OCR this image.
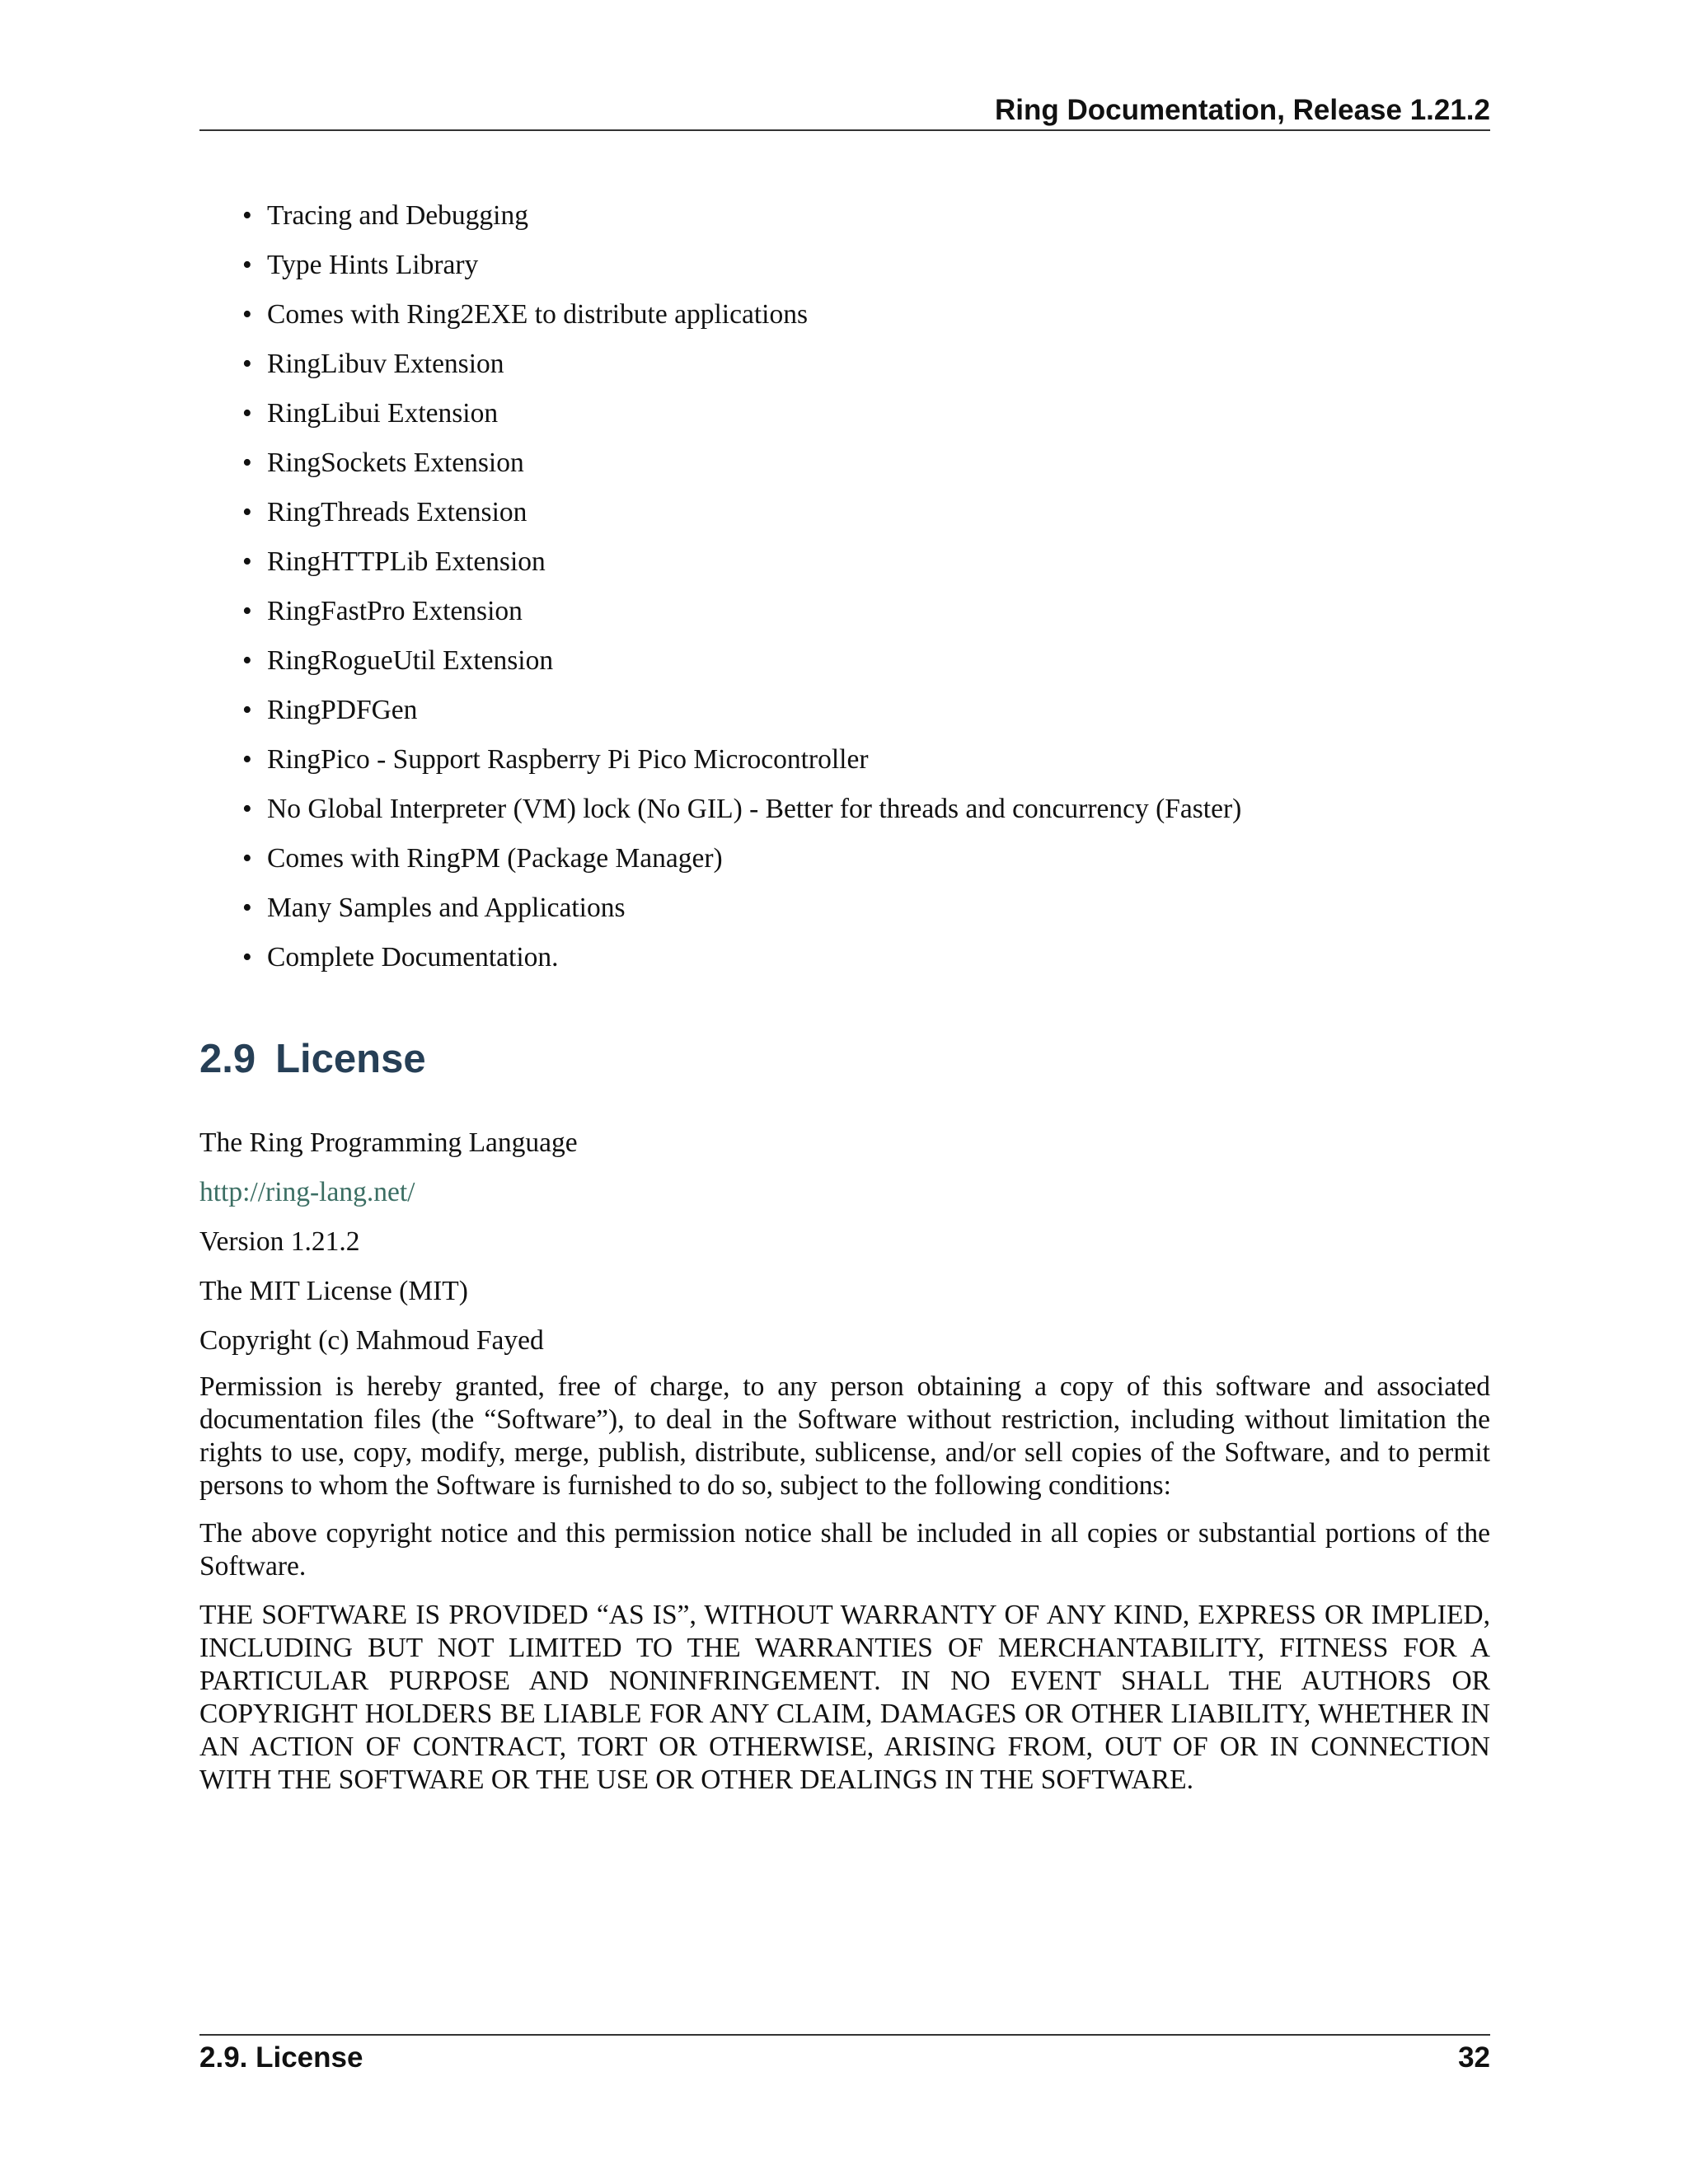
Ring Documentation, Release 1.21.2
• Tracing and Debugging
• Type Hints Library
• Comes with Ring2EXE to distribute applications
• RingLibuv Extension
• RingLibui Extension
• RingSockets Extension
• RingThreads Extension
• RingHTTPLib Extension
• RingFastPro Extension
• RingRogueUtil Extension
• RingPDFGen
• RingPico - Support Raspberry Pi Pico Microcontroller
• No Global Interpreter (VM) lock (No GIL) - Better for threads and concurrency (Faster)
• Comes with RingPM (Package Manager)
• Many Samples and Applications
• Complete Documentation.
2.9 License

The Ring Programming Language

http://ring-lang.net/

Version 1.21.2

The MIT License (MIT)

Copyright (c) Mahmoud Fayed

Permission is hereby granted, free of charge, to any person obtaining a copy of this software and associated documentation files (the “Software”), to deal in the Software without restriction, including without limitation the rights to use, copy, modify, merge, publish, distribute, sublicense, and/or sell copies of the Software, and to permit persons to whom the Software is furnished to do so, subject to the following conditions:

The above copyright notice and this permission notice shall be included in all copies or substantial portions of the Software.

THE SOFTWARE IS PROVIDED “AS IS”, WITHOUT WARRANTY OF ANY KIND, EXPRESS OR IMPLIED, INCLUDING BUT NOT LIMITED TO THE WARRANTIES OF MERCHANTABILITY, FITNESS FOR A PARTICULAR PURPOSE AND NONINFRINGEMENT. IN NO EVENT SHALL THE AUTHORS OR COPYRIGHT HOLDERS BE LIABLE FOR ANY CLAIM, DAMAGES OR OTHER LIABILITY, WHETHER IN AN ACTION OF CONTRACT, TORT OR OTHERWISE, ARISING FROM, OUT OF OR IN CONNECTION WITH THE SOFTWARE OR THE USE OR OTHER DEALINGS IN THE SOFTWARE.

2.9. License	32
